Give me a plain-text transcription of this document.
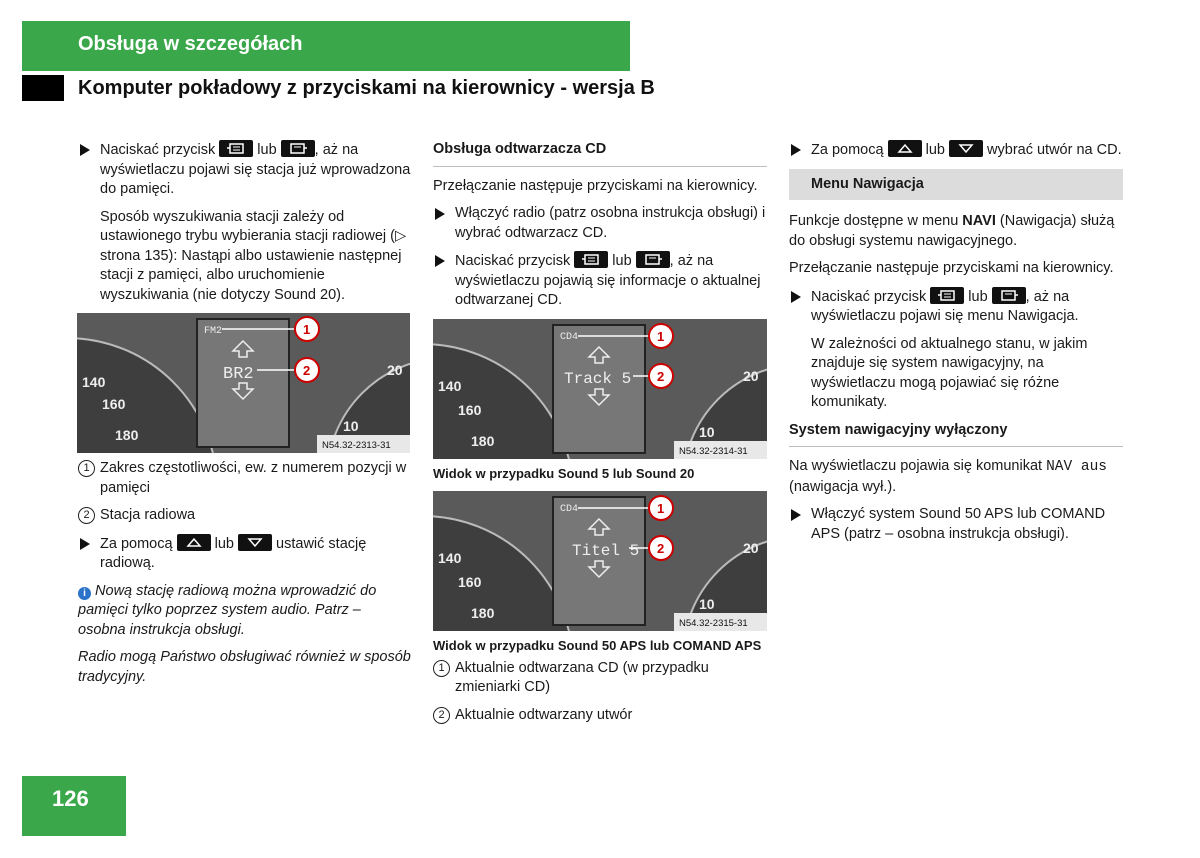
Obsługa w szczegółach
Komputer pokładowy z przyciskami na kierownicy - wersja B
Naciskać przycisk	lub	, aż na wyświetlaczu pojawi się stacja już wprowadzona do pamięci.

Sposób wyszukiwania stacji zależy od ustawionego trybu wybierania stacji radiowej (▷ strona 135): Nastąpi albo ustawienie następnej stacji z pamięci, albo uruchomienie wyszukiwania (nie dotyczy Sound 20).

140
160
180
20
10
FM2
BR2
1
2
N54.32-2313-31

1 Zakres częstotliwości, ew. z numerem pozycji w pamięci

2 Stacja radiowa

Za pomocą	lub	ustawić stację radiową.

i Nową stację radiową można wprowadzić do pamięci tylko poprzez system audio. Patrz – osobna instrukcja obsługi.

Radio mogą Państwo obsługiwać również w sposób tradycyjny.

Obsługa odtwarzacza CD

Przełączanie następuje przyciskami na kierownicy.

Włączyć radio (patrz osobna instrukcja obsługi) i wybrać odtwarzacz CD.
Naciskać przycisk	lub	, aż na wyświetlaczu pojawią się informacje o aktualnej odtwarzanej CD.
140
160
180
20
10
CD4
Track 5
1
2
N54.32-2314-31
Widok w przypadku Sound 5 lub Sound 20
140
160
180
20
10
CD4
Titel 5
1
2
N54.32-2315-31
Widok w przypadku Sound 50 APS lub COMAND APS

1 Aktualnie odtwarzana CD (w przypadku zmieniarki CD)

2 Aktualnie odtwarzany utwór

Za pomocą	lub	wybrać utwór na CD.
Menu Nawigacja

Funkcje dostępne w menu NAVI (Nawigacja) służą do obsługi systemu nawigacyjnego.

Przełączanie następuje przyciskami na kierownicy.

Naciskać przycisk	lub	, aż na wyświetlaczu pojawi się menu Nawigacja.

W zależności od aktualnego stanu, w jakim znajduje się system nawigacyjny, na wyświetlaczu mogą pojawiać się różne komunikaty.

System nawigacyjny wyłączony

Na wyświetlaczu pojawia się komunikat NAV aus (nawigacja wył.).

Włączyć system Sound 50 APS lub COMAND APS (patrz – osobna instrukcja obsługi).
126
